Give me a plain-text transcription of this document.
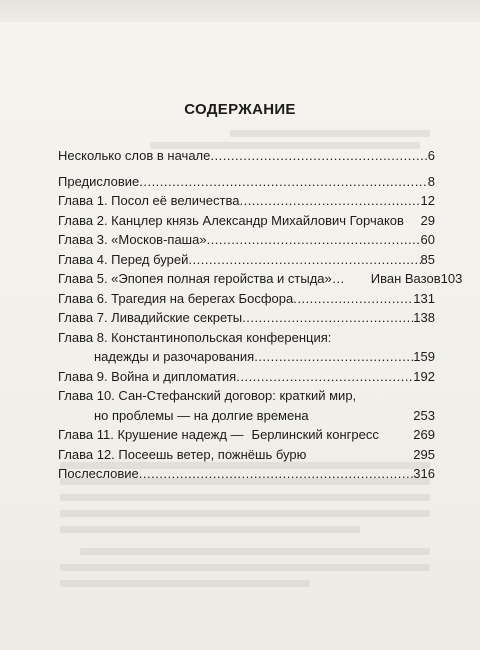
СОДЕРЖАНИЕ
Несколько слов в начале .....	6
Предисловие .....	8
Глава 1. Посол её величества .....	12
Глава 2. Канцлер князь Александр Михайлович Горчаков 29
Глава 3. «Москов-паша» .....	60
Глава 4. Перед бурей .....	85
Глава 5. «Эпопея полная геройства и стыда»…	Иван Вазов 103
Глава 6. Трагедия на берегах Босфора .....	131
Глава 7. Ливадийские секреты .....	138
Глава 8. Константинопольская конференция:
надежды и разочарования .....	159
Глава 9. Война и дипломатия .....	192
Глава 10. Сан-Стефанский договор: краткий мир,
но проблемы — на долгие времена	253
Глава 11. Крушение надежд — Берлинский конгресс	269
Глава 12. Посеешь ветер, пожнёшь бурю	295
Послесловие .....	316
